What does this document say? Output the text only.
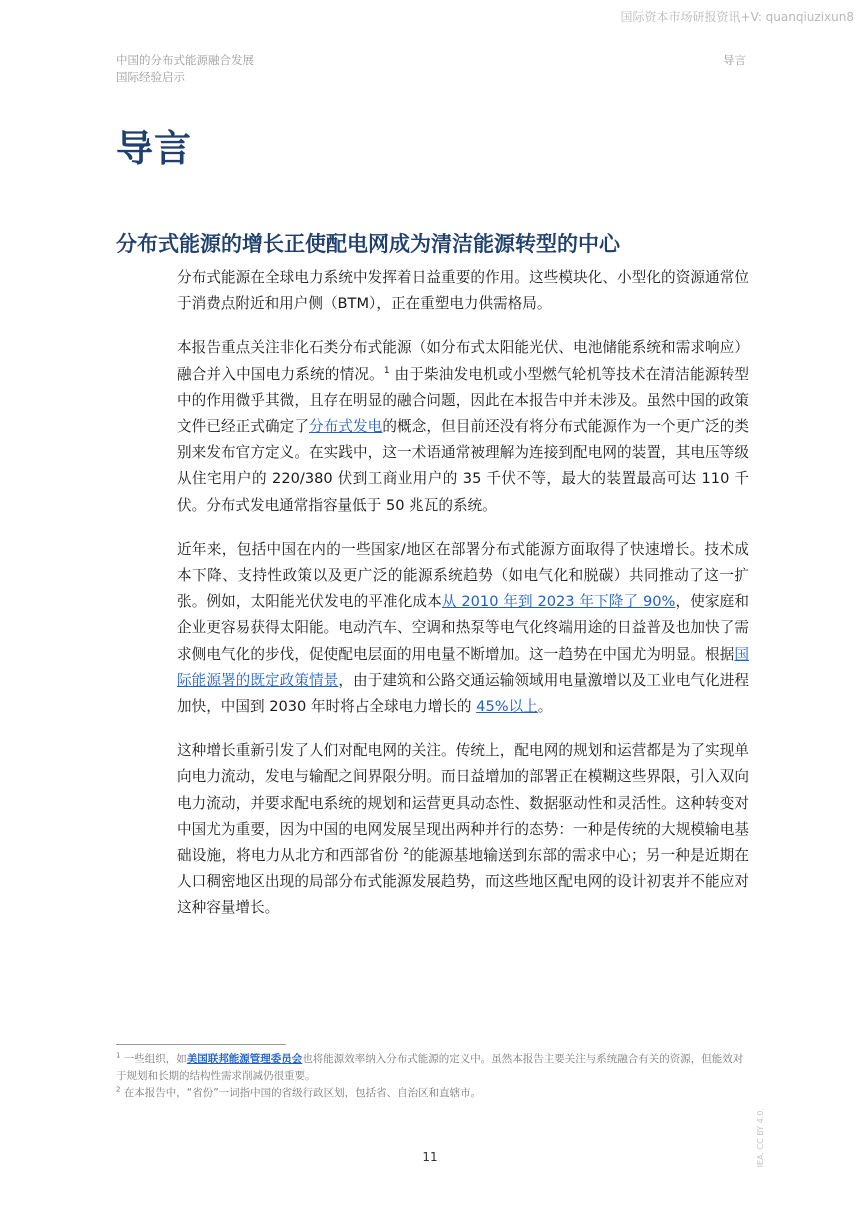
国际资本市场研报资讯+V: quanqiuzixun8
中国的分布式能源融合发展
国际经验启示
导言
导言
分布式能源的增长正使配电网成为清洁能源转型的中心

分布式能源在全球电力系统中发挥着日益重要的作用。这些模块化、小型化的资源通常位于消费点附近和用户侧（BTM），正在重塑电力供需格局。

本报告重点关注非化石类分布式能源（如分布式太阳能光伏、电池储能系统和需求响应）融合并入中国电力系统的情况。$^1$ 由于柴油发电机或小型燃气轮机等技术在清洁能源转型中的作用微乎其微，且存在明显的融合问题，因此在本报告中并未涉及。虽然中国的政策文件已经正式确定了分布式发电的概念，但目前还没有将分布式能源作为一个更广泛的类别来发布官方定义。在实践中，这一术语通常被理解为连接到配电网的装置，其电压等级从住宅用户的 220/380 伏到工商业用户的 35 千伏不等，最大的装置最高可达 110 千伏。分布式发电通常指容量低于 50 兆瓦的系统。

近年来，包括中国在内的一些国家/地区在部署分布式能源方面取得了快速增长。技术成本下降、支持性政策以及更广泛的能源系统趋势（如电气化和脱碳）共同推动了这一扩张。例如，太阳能光伏发电的平准化成本从 2010 年到 2023 年下降了 90%，使家庭和企业更容易获得太阳能。电动汽车、空调和热泵等电气化终端用途的日益普及也加快了需求侧电气化的步伐，促使配电层面的用电量不断增加。这一趋势在中国尤为明显。根据国际能源署的既定政策情景，由于建筑和公路交通运输领域用电量激增以及工业电气化进程加快，中国到 2030 年时将占全球电力增长的 45%以上。

这种增长重新引发了人们对配电网的关注。传统上，配电网的规划和运营都是为了实现单向电力流动，发电与输配之间界限分明。而日益增加的部署正在模糊这些界限，引入双向电力流动，并要求配电系统的规划和运营更具动态性、数据驱动性和灵活性。这种转变对中国尤为重要，因为中国的电网发展呈现出两种并行的态势：一种是传统的大规模输电基础设施，将电力从北方和西部省份 $^2$的能源基地输送到东部的需求中心；另一种是近期在人口稠密地区出现的局部分布式能源发展趋势，而这些地区配电网的设计初衷并不能应对这种容量增长。

$^1$ 一些组织，如美国联邦能源管理委员会也将能源效率纳入分布式能源的定义中。虽然本报告主要关注与系统融合有关的资源，但能效对于规划和长期的结构性需求削减仍很重要。

$^2$ 在本报告中，“省份”一词指中国的省级行政区划，包括省、自治区和直辖市。

IEA. CC BY 4.0.
11
